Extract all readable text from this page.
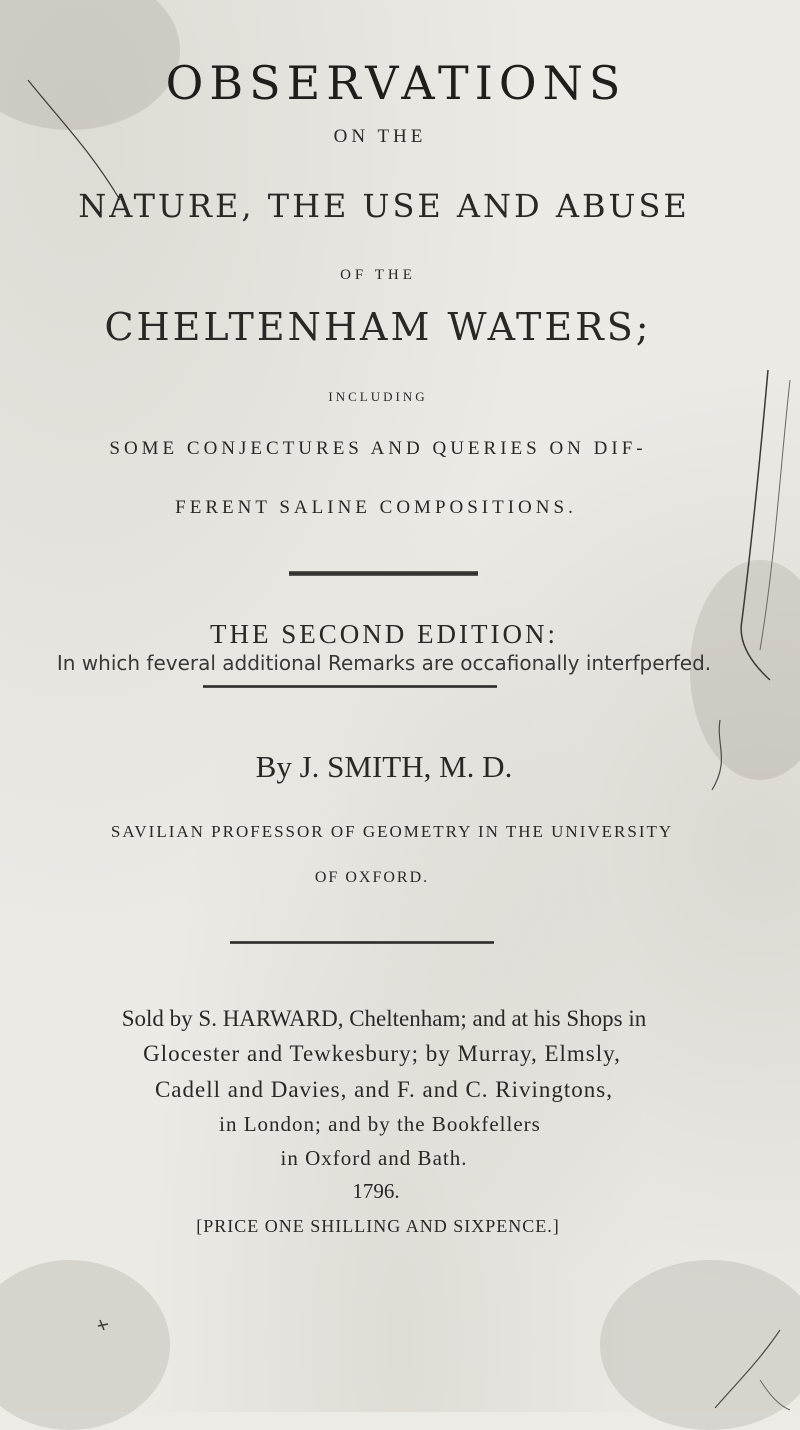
OBSERVATIONS
ON THE
NATURE, THE USE AND ABUSE
OF THE
CHELTENHAM WATERS;
INCLUDING
SOME CONJECTURES AND QUERIES ON DIF-
FERENT SALINE COMPOSITIONS.
THE SECOND EDITION:
In which feveral additional Remarks are occafionally interfperfed.
By J. SMITH, M. D.
SAVILIAN PROFESSOR OF GEOMETRY IN THE UNIVERSITY
OF OXFORD.
Sold by S. HARWARD, Cheltenham; and at his Shops in
Glocester and Tewkesbury; by Murray, Elmsly,
Cadell and Davies, and F. and C. Rivingtons,
in London; and by the Bookfellers
in Oxford and Bath.
1796.
[PRICE ONE SHILLING AND SIXPENCE.]
